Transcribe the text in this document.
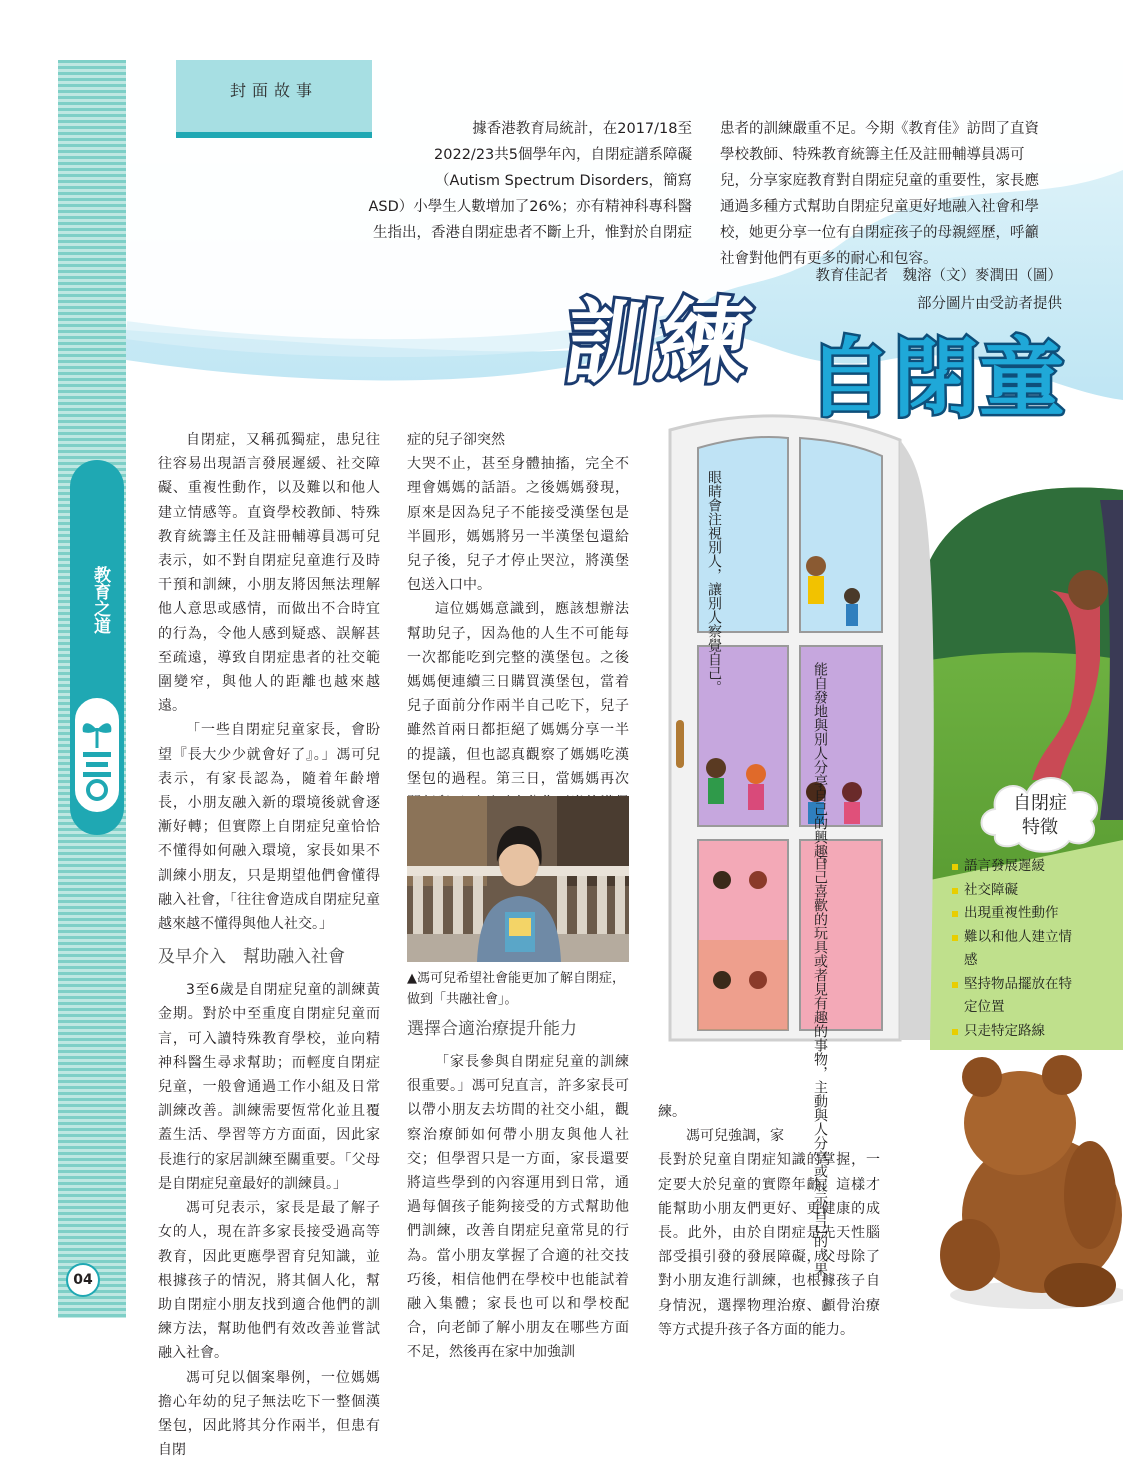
教育之道
封面故事
據香港教育局統計，在2017/18至
2022/23共5個學年內，自閉症譜系障礙
（Autism Spectrum Disorders，簡寫
ASD）小學生人數增加了26%；亦有精神科專科醫
生指出，香港自閉症患者不斷上升，惟對於自閉症
患者的訓練嚴重不足。今期《教育佳》訪問了直資
學校教師、特殊教育統籌主任及註冊輔導員馮可
兒，分享家庭教育對自閉症兒童的重要性，家長應
通過多種方式幫助自閉症兒童更好地融入社會和學
校，她更分享一位有自閉症孩子的母親經歷，呼籲
社會對他們有更多的耐心和包容。
教育佳記者　魏溶（文）麥潤田（圖）
部分圖片由受訪者提供
訓練 自閉童

自閉症，又稱孤獨症，患兒往往容易出現語言發展遲緩、社交障礙、重複性動作，以及難以和他人建立情感等。直資學校教師、特殊教育統籌主任及註冊輔導員馮可兒表示，如不對自閉症兒童進行及時干預和訓練，小朋友將因無法理解他人意思或感情，而做出不合時宜的行為，令他人感到疑惑、誤解甚至疏遠，導致自閉症患者的社交範圍變窄，與他人的距離也越來越遠。

「一些自閉症兒童家長，會盼望『長大少少就會好了』。」馮可兒表示，有家長認為，隨着年齡增長，小朋友融入新的環境後就會逐漸好轉；但實際上自閉症兒童恰恰不懂得如何融入環境，家長如果不訓練小朋友，只是期望他們會懂得融入社會，「往往會造成自閉症兒童越來越不懂得與他人社交。」

及早介入　幫助融入社會

3至6歲是自閉症兒童的訓練黃金期。對於中至重度自閉症兒童而言，可入讀特殊教育學校，並向精神科醫生尋求幫助；而輕度自閉症兒童，一般會通過工作小組及日常訓練改善。訓練需要恆常化並且覆蓋生活、學習等方方面面，因此家長進行的家居訓練至關重要。「父母是自閉症兒童最好的訓練員。」

馮可兒表示，家長是最了解子女的人，現在許多家長接受過高等教育，因此更應學習育兒知識，並根據孩子的情況，將其個人化，幫助自閉症小朋友找到適合他們的訓練方法，幫助他們有效改善並嘗試融入社會。

馮可兒以個案舉例，一位媽媽擔心年幼的兒子無法吃下一整個漢堡包，因此將其分作兩半，但患有自閉

症的兒子卻突然

大哭不止，甚至身體抽搐，完全不理會媽媽的話語。之後媽媽發現，原來是因為兒子不能接受漢堡包是半圓形，媽媽將另一半漢堡包還給兒子後，兒子才停止哭泣，將漢堡包送入口中。

這位媽媽意識到，應該想辦法幫助兒子，因為他的人生不可能每一次都能吃到完整的漢堡包。之後媽媽便連續三日購買漢堡包，當着兒子面前分作兩半自己吃下，兒子雖然首兩日都拒絕了媽媽分享一半的提議，但也認真觀察了媽媽吃漢堡包的過程。第三日，當媽媽再次

▲馮可兒希望社會能更加了解自閉症，做到「共融社會」。

選擇合適治療提升能力

「家長參與自閉症兒童的訓練很重要。」馮可兒直言，許多家長可以帶小朋友去坊間的社交小組，觀察治療師如何帶小朋友與他人社交；但學習只是一方面，家長還要將這些學到的內容運用到日常，通過每個孩子能夠接受的方式幫助他們訓練，改善自閉症兒童常見的行為。當小朋友掌握了合適的社交技巧後，相信他們在學校中也能試着融入集體；家長也可以和學校配合，向老師了解小朋友在哪些方面不足，然後再在家中加強訓

練。

馮可兒強調，家

長對於兒童自閉症知識的掌握，一定要大於兒童的實際年齡，這樣才能幫助小朋友們更好、更健康的成長。此外，由於自閉症是先天性腦部受損引發的發展障礙，父母除了對小朋友進行訓練，也根據孩子自身情況，選擇物理治療、顱骨治療等方式提升孩子各方面的能力。

眼睛會注視別人，讓別人察覺自己。
能自發地與別人分享自己的興趣。
自己喜歡的玩具或者見有趣的事物，主動與人分享或展示自己的成果。
自閉症
特徵
語言發展遲緩
社交障礙
出現重複性動作
難以和他人建立情感
堅持物品擺放在特定位置
只走特定路線
04
